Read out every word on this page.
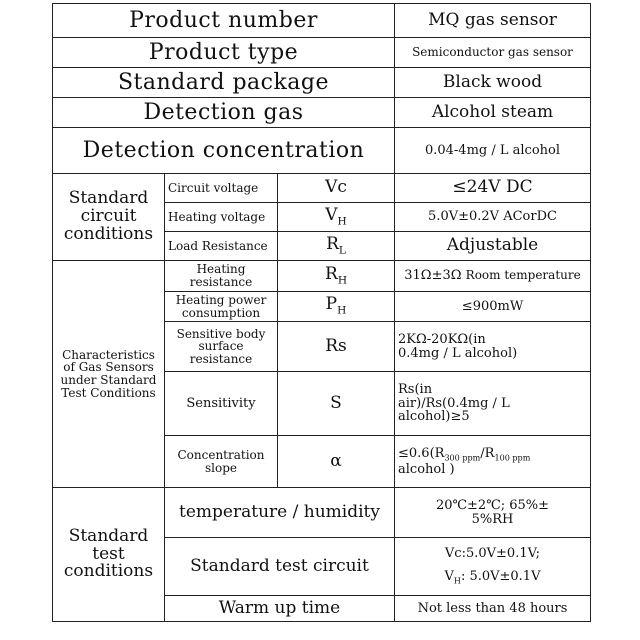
Product number			MQ gas sensor
Product type			Semiconductor gas sensor
Standard package			Black wood
Detection gas			Alcohol steam
Detection concentration			0.04-4mg / L alcohol
Standard circuit conditions	Circuit voltage	Vc	≤24V DC
	Heating voltage	$V_H$	5.0V±0.2V ACorDC
	Load Resistance	$R_L$	Adjustable
Characteristics of Gas Sensors under Standard Test Conditions	Heating resistance	$R_H$	31Ω±3Ω Room temperature
	Heating power consumption	$P_H$	≤900mW
	Sensitive body surface resistance	Rs	2KΩ-20KΩ(in
0.4mg / L alcohol)

	Sensitivity	S	Rs(in
air)/Rs(0.4mg / L
alcohol)≥5

	Concentration slope	α	$\le 0.6(R_{300 ppm}/R_{100 ppm}$
alcohol )

Standard test conditions	temperature / humidity		20℃±2℃; 65%±
5%RH

	Standard test circuit		Vc:5.0V±0.1V;
$V_H$: 5.0V±0.1V

	Warm up time		Not less than 48 hours
